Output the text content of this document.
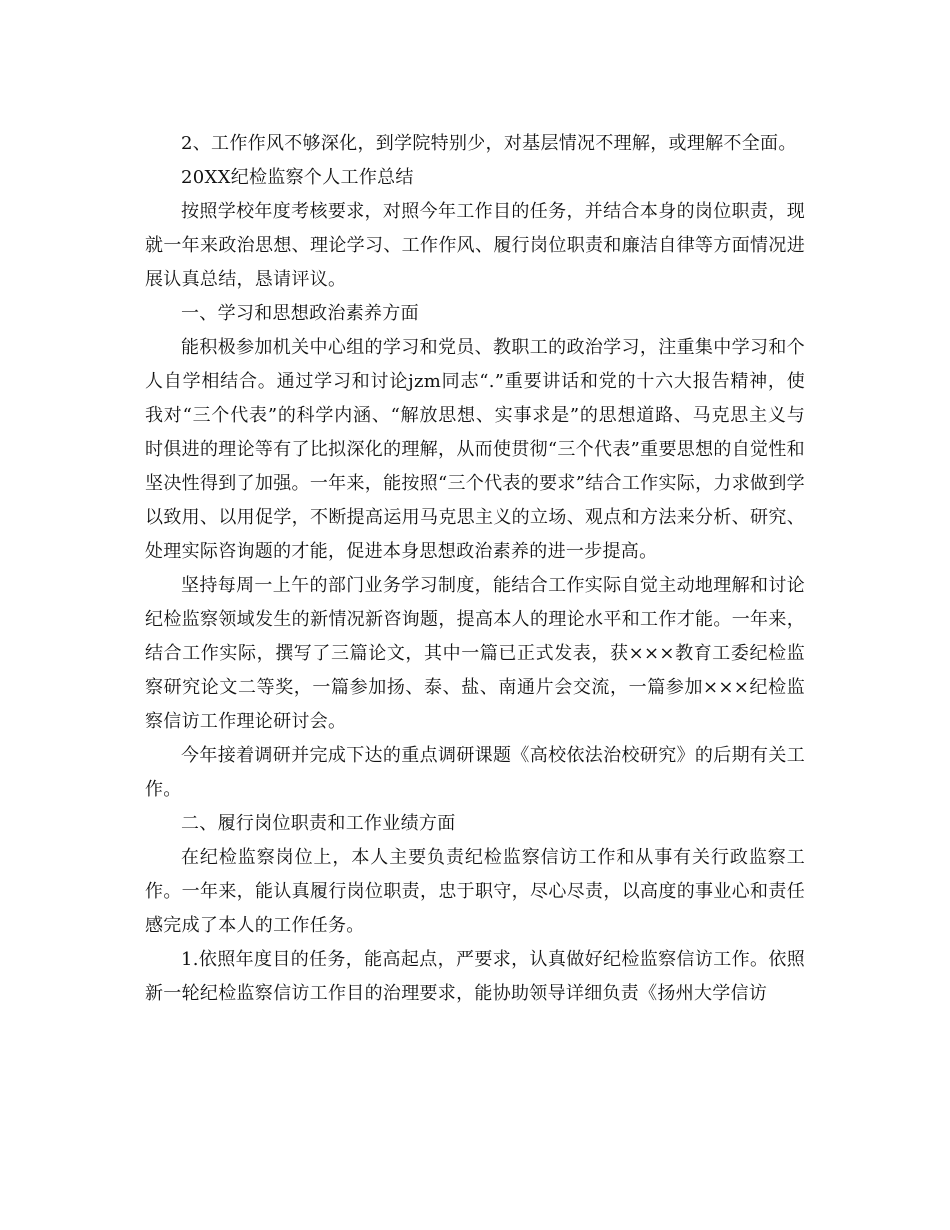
2、工作作风不够深化，到学院特别少，对基层情况不理解，或理解不全面。

20XX纪检监察个人工作总结

按照学校年度考核要求，对照今年工作目的任务，并结合本身的岗位职责，现就一年来政治思想、理论学习、工作作风、履行岗位职责和廉洁自律等方面情况进展认真总结，恳请评议。

一、学习和思想政治素养方面

能积极参加机关中心组的学习和党员、教职工的政治学习，注重集中学习和个人自学相结合。通过学习和讨论jzm同志“.”重要讲话和党的十六大报告精神，使我对“三个代表”的科学内涵、“解放思想、实事求是”的思想道路、马克思主义与时俱进的理论等有了比拟深化的理解，从而使贯彻“三个代表”重要思想的自觉性和坚决性得到了加强。一年来，能按照“三个代表的要求”结合工作实际，力求做到学以致用、以用促学，不断提高运用马克思主义的立场、观点和方法来分析、研究、处理实际咨询题的才能，促进本身思想政治素养的进一步提高。

坚持每周一上午的部门业务学习制度，能结合工作实际自觉主动地理解和讨论纪检监察领域发生的新情况新咨询题，提高本人的理论水平和工作才能。一年来，结合工作实际，撰写了三篇论文，其中一篇已正式发表，获×××教育工委纪检监察研究论文二等奖，一篇参加扬、泰、盐、南通片会交流，一篇参加×××纪检监察信访工作理论研讨会。

今年接着调研并完成下达的重点调研课题《高校依法治校研究》的后期有关工作。

二、履行岗位职责和工作业绩方面

在纪检监察岗位上，本人主要负责纪检监察信访工作和从事有关行政监察工作。一年来，能认真履行岗位职责，忠于职守，尽心尽责，以高度的事业心和责任感完成了本人的工作任务。

1.依照年度目的任务，能高起点，严要求，认真做好纪检监察信访工作。依照新一轮纪检监察信访工作目的治理要求，能协助领导详细负责《扬州大学信访
